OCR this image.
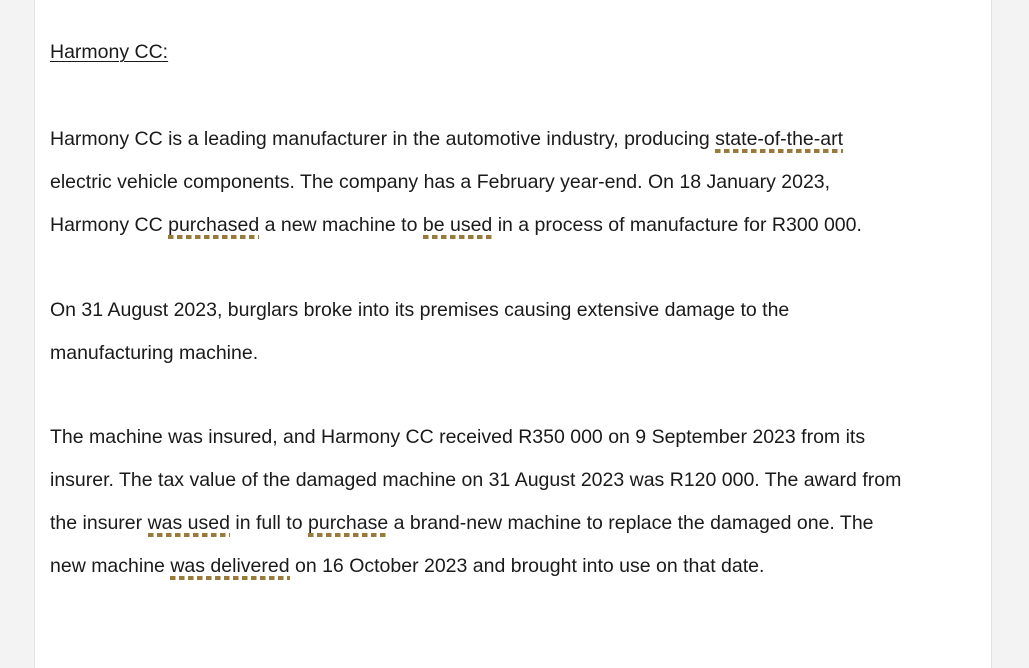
Harmony CC:

Harmony CC is a leading manufacturer in the automotive industry, producing state-of-the-art
electric vehicle components. The company has a February year-end. On 18 January 2023,
Harmony CC purchased a new machine to be used in a process of manufacture for R300 000.

On 31 August 2023, burglars broke into its premises causing extensive damage to the
manufacturing machine.

The machine was insured, and Harmony CC received R350 000 on 9 September 2023 from its
insurer. The tax value of the damaged machine on 31 August 2023 was R120 000. The award from
the insurer was used in full to purchase a brand-new machine to replace the damaged one. The
new machine was delivered on 16 October 2023 and brought into use on that date.
